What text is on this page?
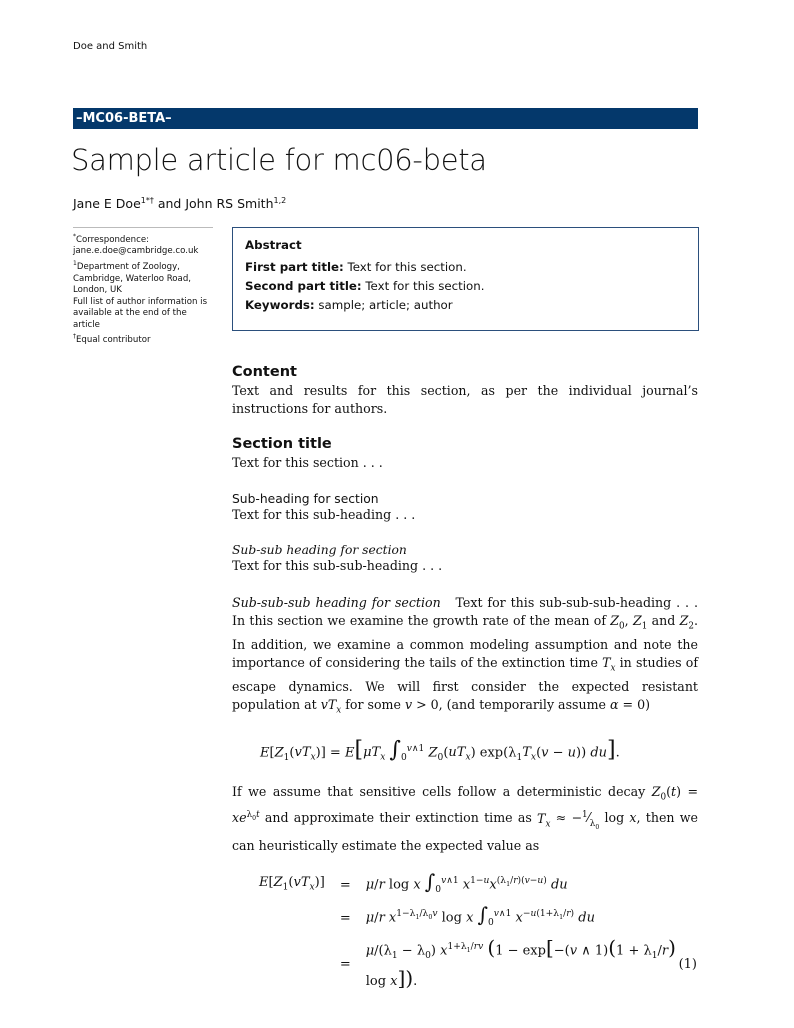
Doe and Smith
–MC06-BETA–
Sample article for mc06-beta
Jane E Doe$^{1*\dagger}$ and John RS Smith$^{1,2}$
*Correspondence:
jane.e.doe@cambridge.co.uk
$^1$Department of Zoology, Cambridge, Waterloo Road, London, UK
Full list of author information is available at the end of the article
†Equal contributor
Abstract

First part title: Text for this section.

Second part title: Text for this section.

Keywords: sample; article; author

Content

Text and results for this section, as per the individual journal’s instructions for authors.

Section title

Text for this section . . .

Sub-heading for section

Text for this sub-heading . . .

Sub-sub heading for section

Text for this sub-sub-heading . . .

Sub-sub-sub heading for section   Text for this sub-sub-sub-heading . . . In this section we examine the growth rate of the mean of $Z_0$, $Z_1$ and $Z_2$. In addition, we examine a common modeling assumption and note the importance of considering the tails of the extinction time $T_x$ in studies of escape dynamics. We will first consider the expected resistant population at $vT_x$ for some v > 0, (and temporarily assume α = 0)

$E[Z_1(vT_x)] = E[\mu T_x$ $\int_0^{v\wedge 1}$ $Z_0(uT_x) \exp(\lambda_1T_x(v - u))$ du].

If we assume that sensitive cells follow a deterministic decay $Z_0(t) = xe^{\lambda_0t}$ and approximate their extinction time as $T_x$ ≈ $-^1⁄_{\lambda_0}$ log x, then we can heuristically estimate the expected value as

$E[Z_1(vT_x)]$	=	μ/r log x $\int_0^{v\wedge 1}$ $x^{1-u}x^{(\lambda_1/r)(v-u)}$ du	
	=	μ/r $x^{1-\lambda_1/\lambda_0v}$ log x $\int_0^{v\wedge 1}$ $x^{-u(1+\lambda_1/r)}$ du	
	=	$\mu/(\lambda_1 - \lambda_0)$ $x^{1+\lambda_1/rv}$ (1 − exp[−(v ∧ $1)(1 + \lambda_1/r)$ log x]).	(1)
